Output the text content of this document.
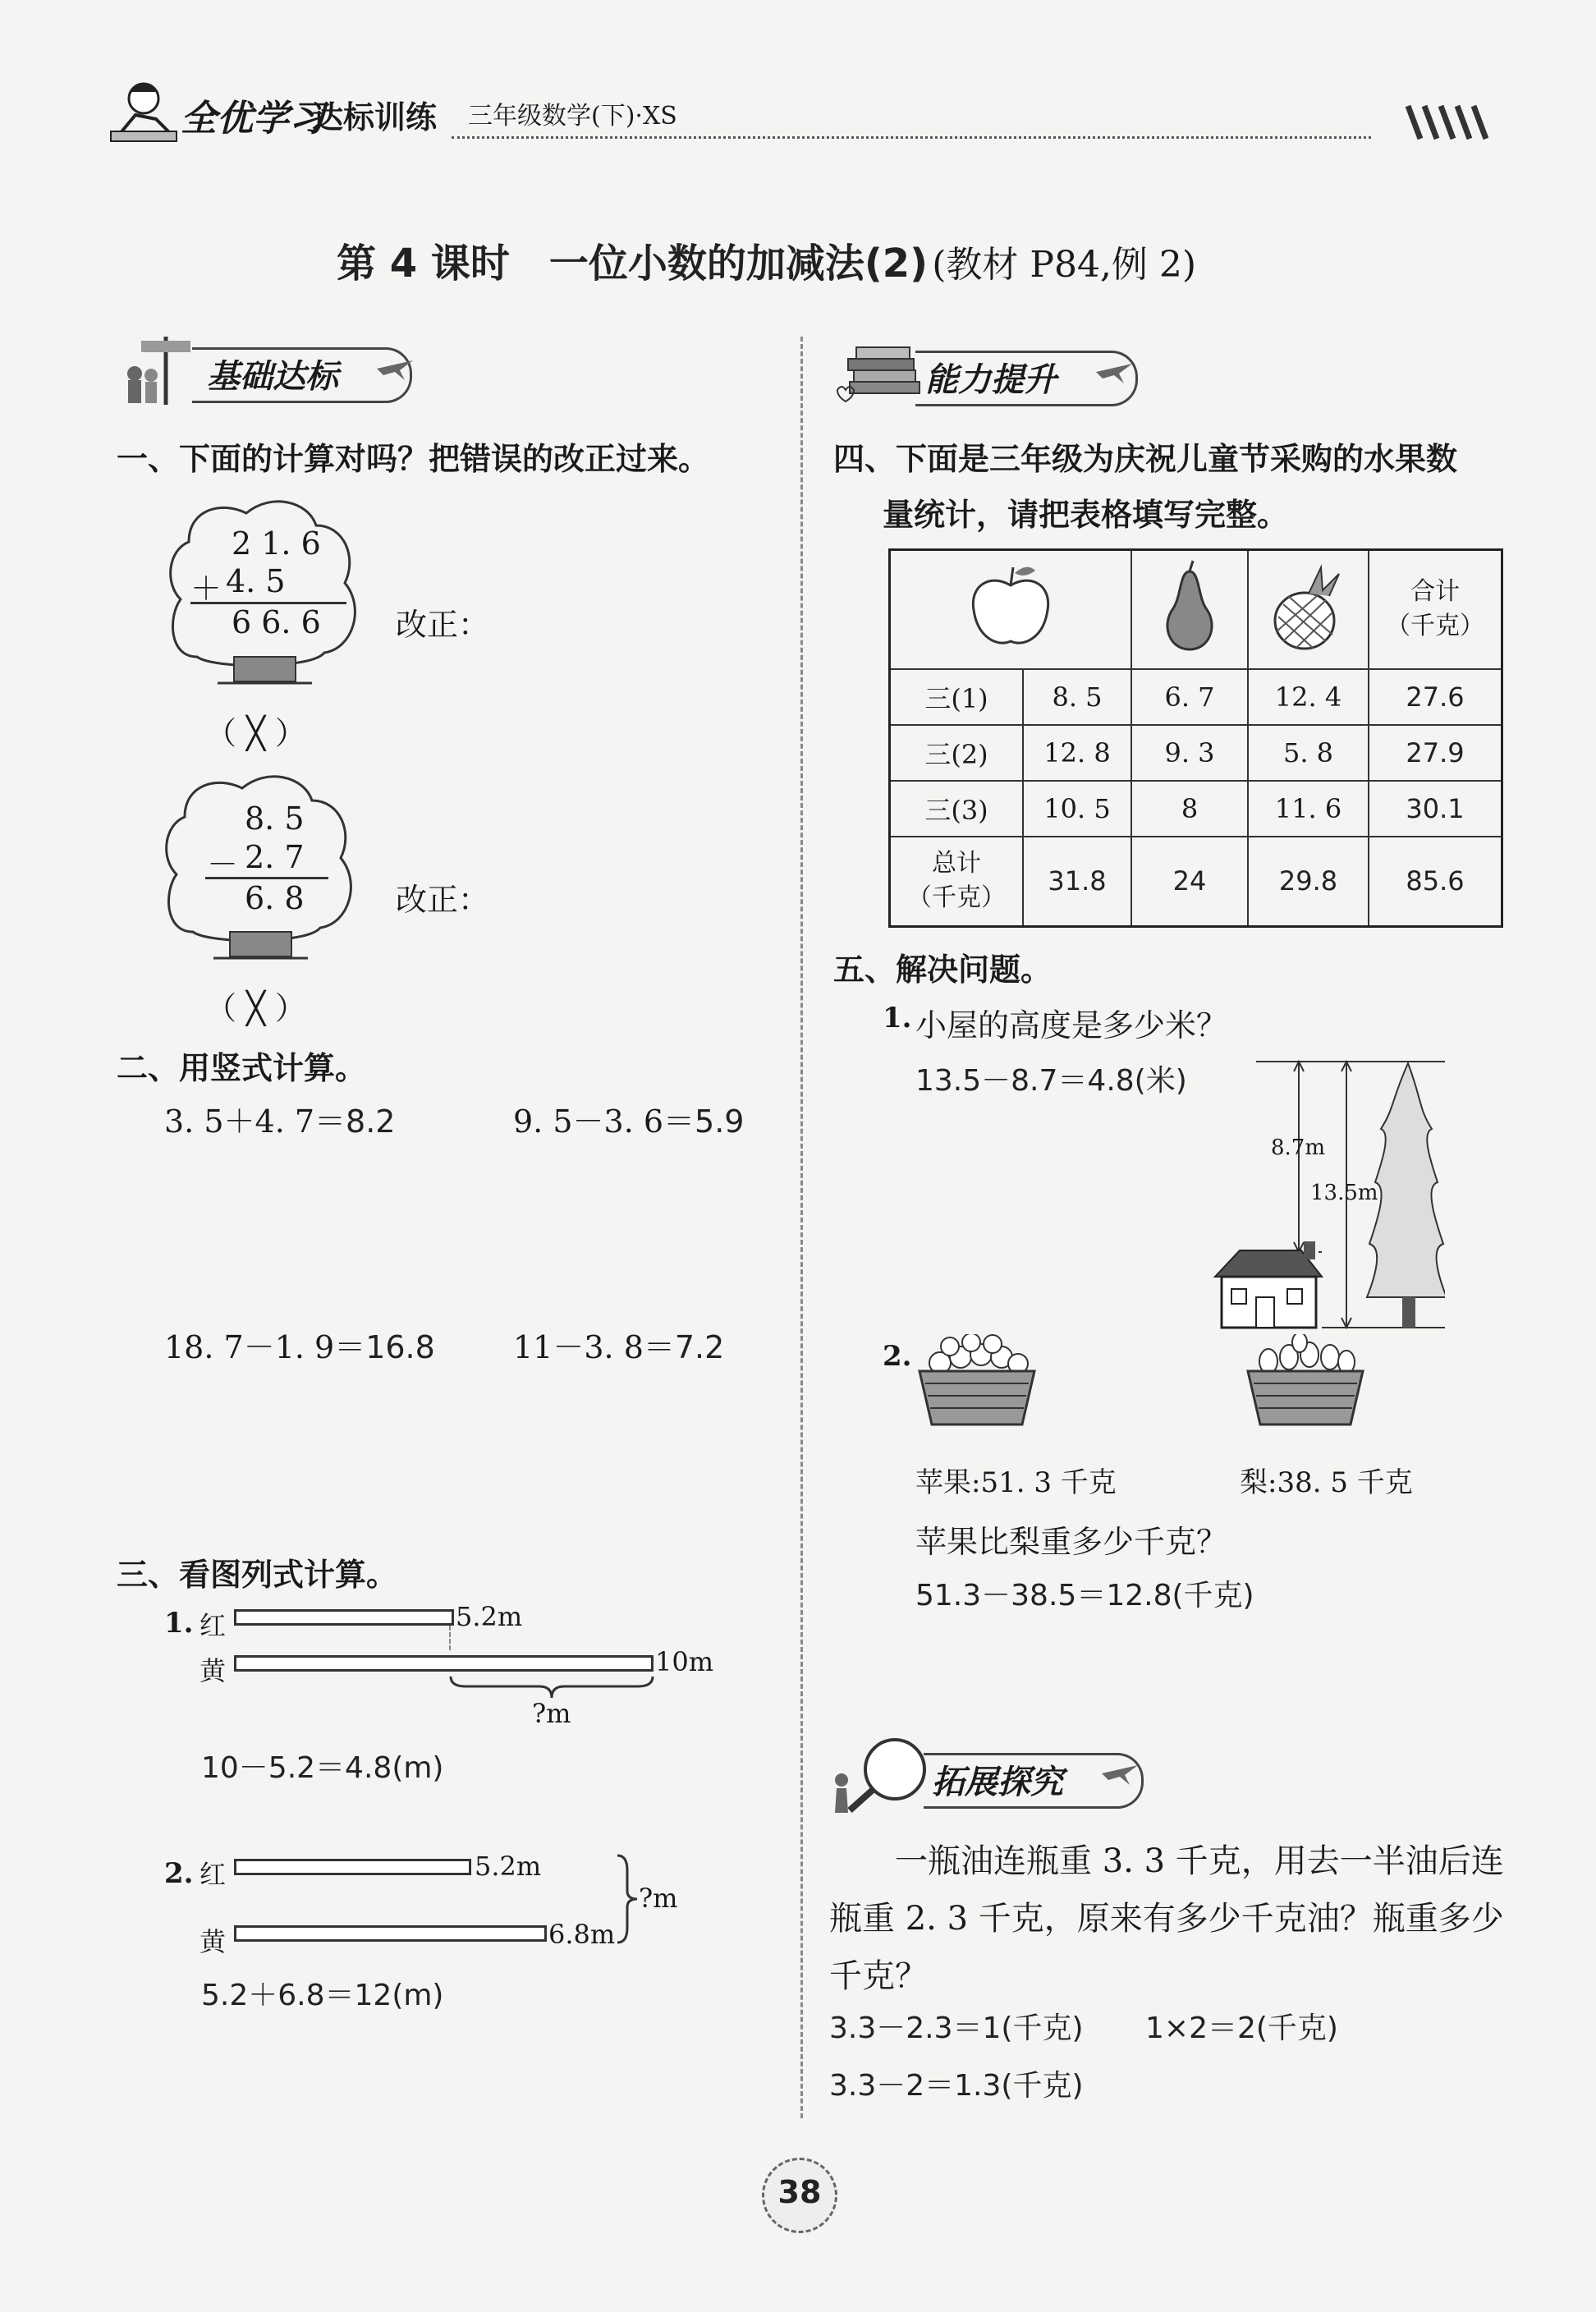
全优学习
达标训练 三年级数学(下)·XS
第 4 课时　一位小数的加减法(2) (教材 P84,例 2)
基础达标
一、下面的计算对吗？把错误的改正过来。
2 1. 6
＋ 4. 5
6 6. 6 改正：
（ ╳ ）
8. 5
－ 2. 7
6. 8	改正：
（ ╳ ）
二、用竖式计算。
3. 5＋4. 7＝8.2	9. 5－3. 6＝5.9
18. 7－1. 9＝16.8	11－3. 8＝7.2
三、看图列式计算。
1. 红	5.2m
黄	10m
?m
10－5.2＝4.8(m)
2. 红	5.2m
黄	6.8m
?m
5.2＋6.8＝12(m)
能力提升
四、下面是三年级为庆祝儿童节采购的水果数
量统计，请把表格填写完整。
			合计
（千克）
三(1)	8. 5	6. 7	12. 4	27.6
三(2)	12. 8	9. 3	5. 8	27.9
三(3)	10. 5	8	11. 6	30.1
总计
（千克）	31.8	24	29.8	85.6
五、解决问题。
1. 小屋的高度是多少米？
13.5－8.7＝4.8(米)
8.7m
13.5m
2.
苹果:51. 3 千克	梨:38. 5 千克
苹果比梨重多少千克？
51.3－38.5＝12.8(千克)
拓展探究
一瓶油连瓶重 3. 3 千克，用去一半油后连
瓶重 2. 3 千克，原来有多少千克油？瓶重多少
千克？
3.3－2.3＝1(千克) 1×2＝2(千克)
3.3－2＝1.3(千克)
38
